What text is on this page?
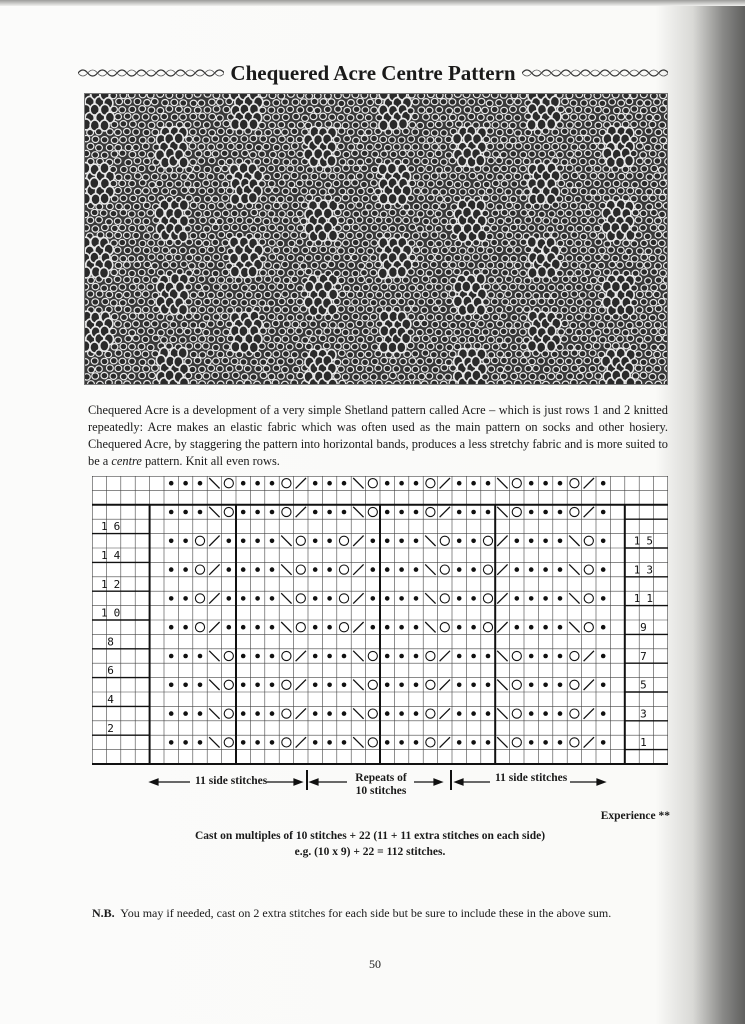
Chequered Acre Centre Pattern

Chequered Acre is a development of a very simple Shetland pattern called Acre – which is just rows 1 and 2 knitted repeatedly: Acre makes an elastic fabric which was often used as the main pattern on socks and other hosiery. Chequered Acre, by staggering the pattern into horizontal bands, produces a less stretchy fabric and is more suited to be a centre pattern. Knit all even rows.

16
14
12
10
8
6
4
2
15
13
11
9
7
5
3
1
11 side stitches	Repeats of
10 stitches
11 side stitches
Experience **
Cast on multiples of 10 stitches + 22 (11 + 11 extra stitches on each side)
e.g. (10 x 9) + 22 = 112 stitches.
N.B. You may if needed, cast on 2 extra stitches for each side but be sure to include these in the above sum.
50
